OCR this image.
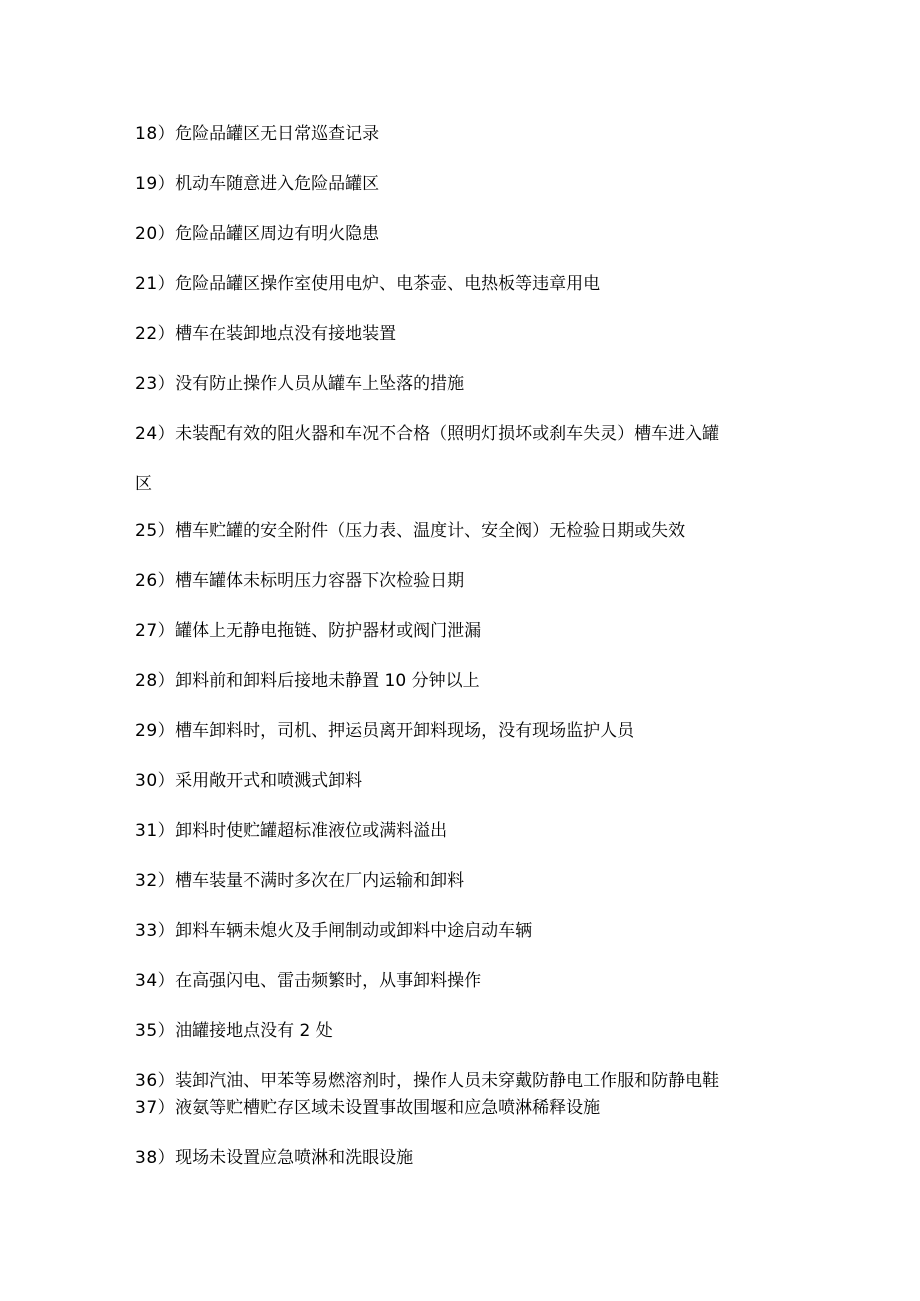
18）危险品罐区无日常巡查记录
19）机动车随意进入危险品罐区
20）危险品罐区周边有明火隐患
21）危险品罐区操作室使用电炉、电茶壶、电热板等违章用电
22）槽车在装卸地点没有接地装置
23）没有防止操作人员从罐车上坠落的措施
24）未装配有效的阻火器和车况不合格（照明灯损坏或刹车失灵）槽车进入罐
区
25）槽车贮罐的安全附件（压力表、温度计、安全阀）无检验日期或失效
26）槽车罐体未标明压力容器下次检验日期
27）罐体上无静电拖链、防护器材或阀门泄漏
28）卸料前和卸料后接地未静置 10 分钟以上
29）槽车卸料时，司机、押运员离开卸料现场，没有现场监护人员
30）采用敞开式和喷溅式卸料
31）卸料时使贮罐超标准液位或满料溢出
32）槽车装量不满时多次在厂内运输和卸料
33）卸料车辆未熄火及手闸制动或卸料中途启动车辆
34）在高强闪电、雷击频繁时，从事卸料操作
35）油罐接地点没有 2 处
36）装卸汽油、甲苯等易燃溶剂时，操作人员未穿戴防静电工作服和防静电鞋
37）液氨等贮槽贮存区域未设置事故围堰和应急喷淋稀释设施
38）现场未设置应急喷淋和洗眼设施
